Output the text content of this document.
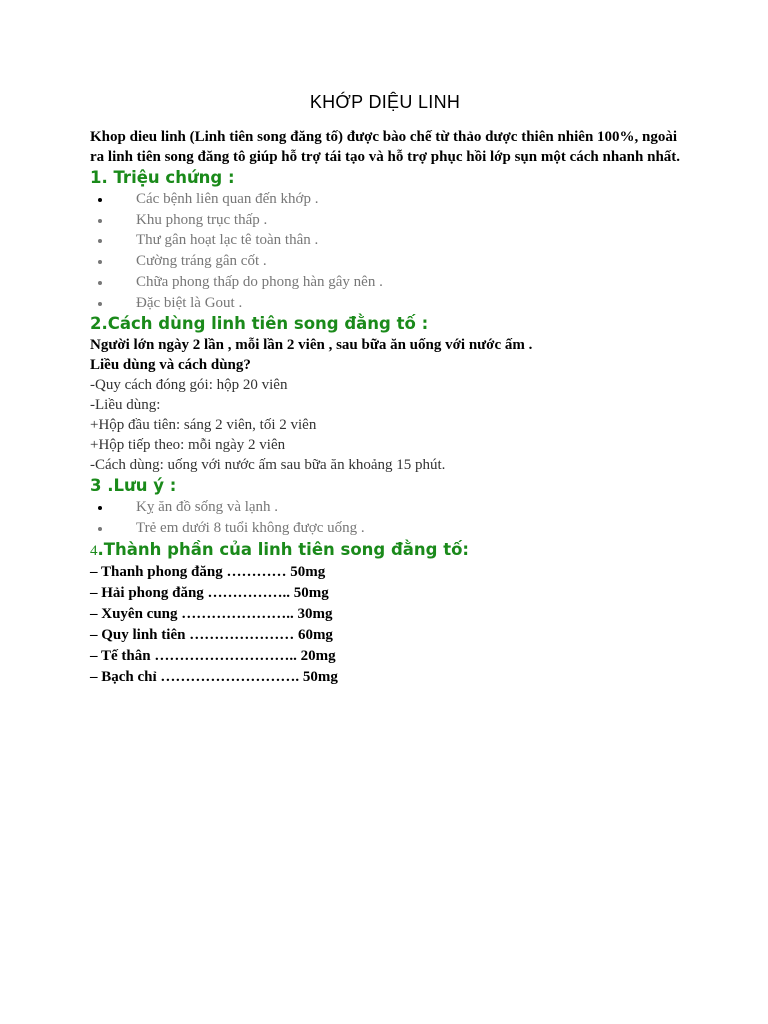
KHỚP DIỆU LINH

Khop dieu linh (Linh tiên song đăng tố) được bào chế từ thảo dược thiên nhiên 100%, ngoài ra linh tiên song đăng tô giúp hỗ trợ tái tạo và hỗ trợ phục hồi lớp sụn một cách nhanh nhất.

1. Triệu chứng :
Các bệnh liên quan đến khớp .
Khu phong trục thấp .
Thư gân hoạt lạc tê toàn thân .
Cường tráng gân cốt .
Chữa phong thấp do phong hàn gây nên .
Đặc biệt là Gout .
2.Cách dùng linh tiên song đằng tố :

Người lớn ngày 2 lần , mỗi lần 2 viên , sau bữa ăn uống với nước ấm .

Liều dùng và cách dùng?

-Quy cách đóng gói: hộp 20 viên

-Liều dùng:

+Hộp đầu tiên: sáng 2 viên, tối 2 viên

+Hộp tiếp theo: mỗi ngày 2 viên

-Cách dùng: uống với nước ấm sau bữa ăn khoảng 15 phút.

3 .Lưu ý :
Kỵ ăn đồ sống và lạnh .
Trẻ em dưới 8 tuổi không được uống .
4.Thành phần của linh tiên song đằng tố:

– Thanh phong đăng ………… 50mg

– Hải phong đăng …………….. 50mg

– Xuyên cung ………………….. 30mg

– Quy linh tiên ………………… 60mg

– Tế thân ……………………….. 20mg

– Bạch chỉ ………………………. 50mg
